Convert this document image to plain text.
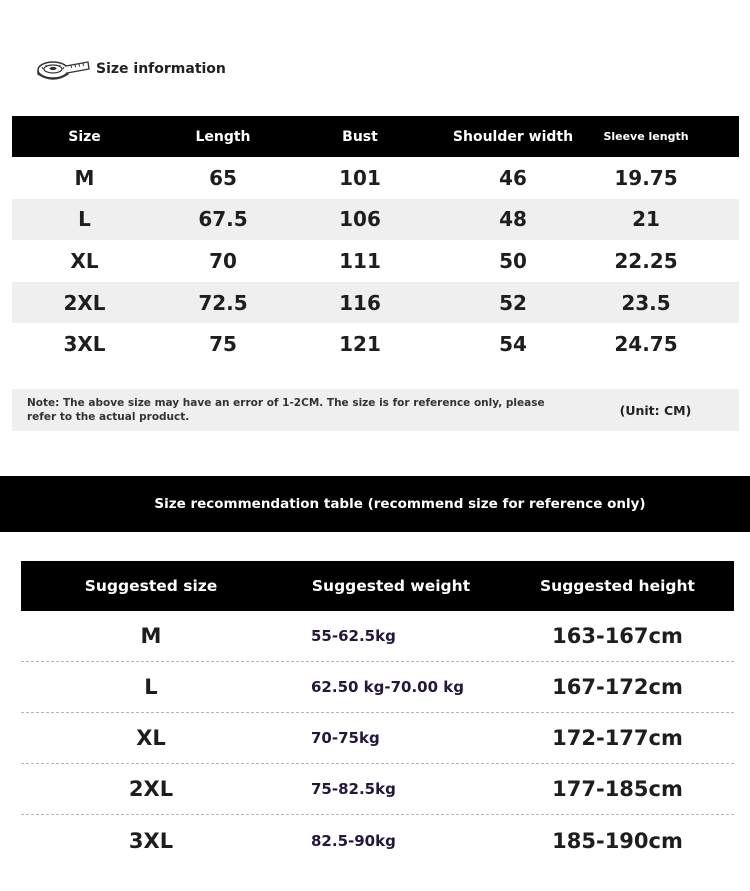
Size information
Size	Length	Bust	Shoulder width	Sleeve length
M	65	101	46	19.75
L	67.5	106	48	21
XL	70	111	50	22.25
2XL	72.5	116	52	23.5
3XL	75	121	54	24.75
Note: The above size may have an error of 1-2CM. The size is for reference only, please refer to the actual product.	(Unit: CM)
Size recommendation table (recommend size for reference only)
Suggested size	Suggested weight	Suggested height
M	55-62.5kg	163-167cm
L	62.50 kg-70.00 kg	167-172cm
XL	70-75kg	172-177cm
2XL	75-82.5kg	177-185cm
3XL	82.5-90kg	185-190cm
